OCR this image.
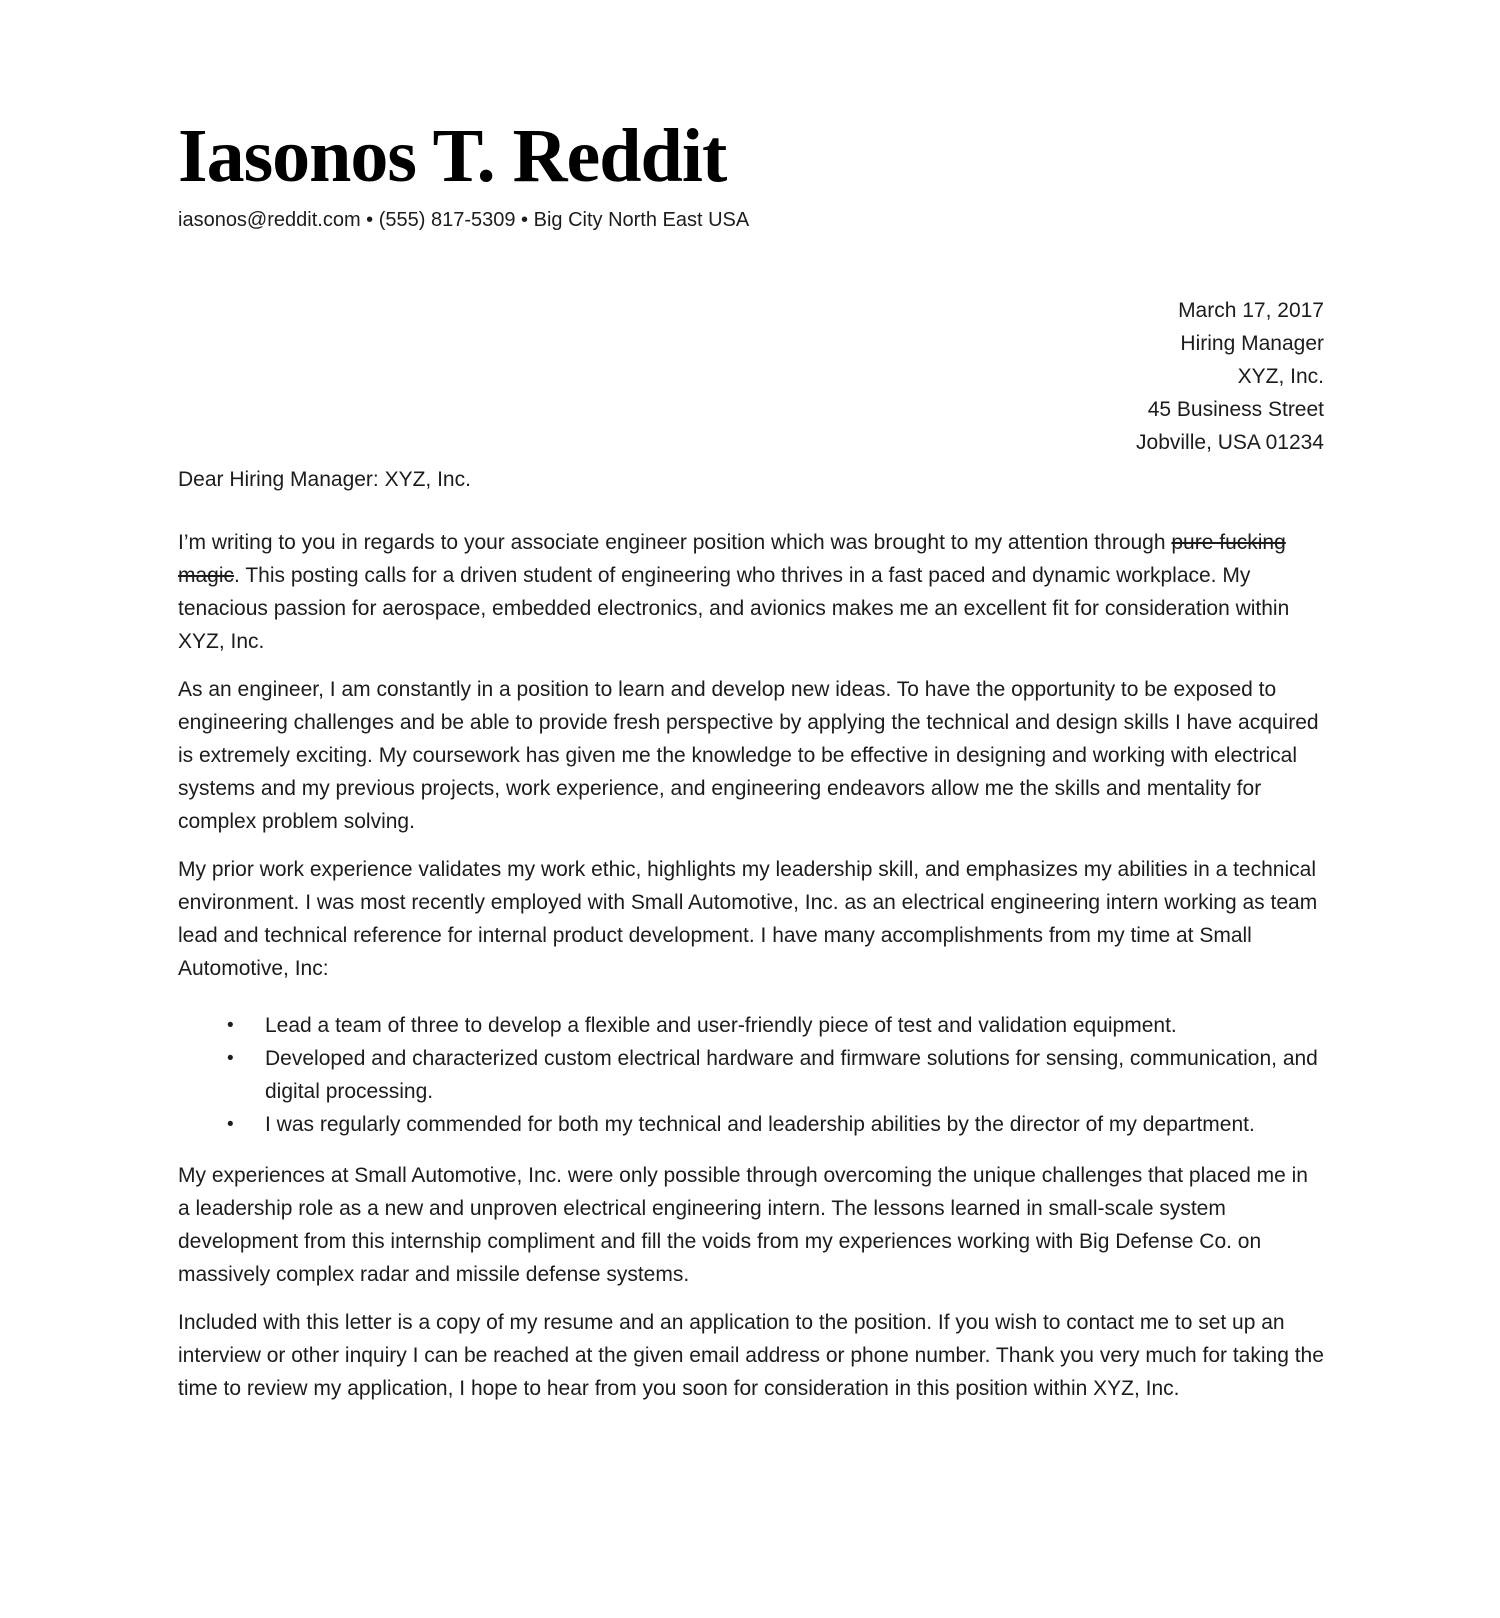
Iasonos T. Reddit
iasonos@reddit.com • (555) 817-5309 • Big City North East USA
March 17, 2017
Hiring Manager
XYZ, Inc.
45 Business Street
Jobville, USA 01234

Dear Hiring Manager: XYZ, Inc.

I’m writing to you in regards to your associate engineer position which was brought to my attention through pure fucking magic. This posting calls for a driven student of engineering who thrives in a fast paced and dynamic workplace. My tenacious passion for aerospace, embedded electronics, and avionics makes me an excellent fit for consideration within XYZ, Inc.

As an engineer, I am constantly in a position to learn and develop new ideas. To have the opportunity to be exposed to engineering challenges and be able to provide fresh perspective by applying the technical and design skills I have acquired is extremely exciting. My coursework has given me the knowledge to be effective in designing and working with electrical systems and my previous projects, work experience, and engineering endeavors allow me the skills and mentality for complex problem solving.

My prior work experience validates my work ethic, highlights my leadership skill, and emphasizes my abilities in a technical environment. I was most recently employed with Small Automotive, Inc. as an electrical engineering intern working as team lead and technical reference for internal product development. I have many accomplishments from my time at Small Automotive, Inc:

• Lead a team of three to develop a flexible and user-friendly piece of test and validation equipment.
• Developed and characterized custom electrical hardware and firmware solutions for sensing, communication, and digital processing.
• I was regularly commended for both my technical and leadership abilities by the director of my department.

My experiences at Small Automotive, Inc. were only possible through overcoming the unique challenges that placed me in a leadership role as a new and unproven electrical engineering intern. The lessons learned in small-scale system development from this internship compliment and fill the voids from my experiences working with Big Defense Co. on massively complex radar and missile defense systems.

Included with this letter is a copy of my resume and an application to the position. If you wish to contact me to set up an interview or other inquiry I can be reached at the given email address or phone number. Thank you very much for taking the time to review my application, I hope to hear from you soon for consideration in this position within XYZ, Inc.
